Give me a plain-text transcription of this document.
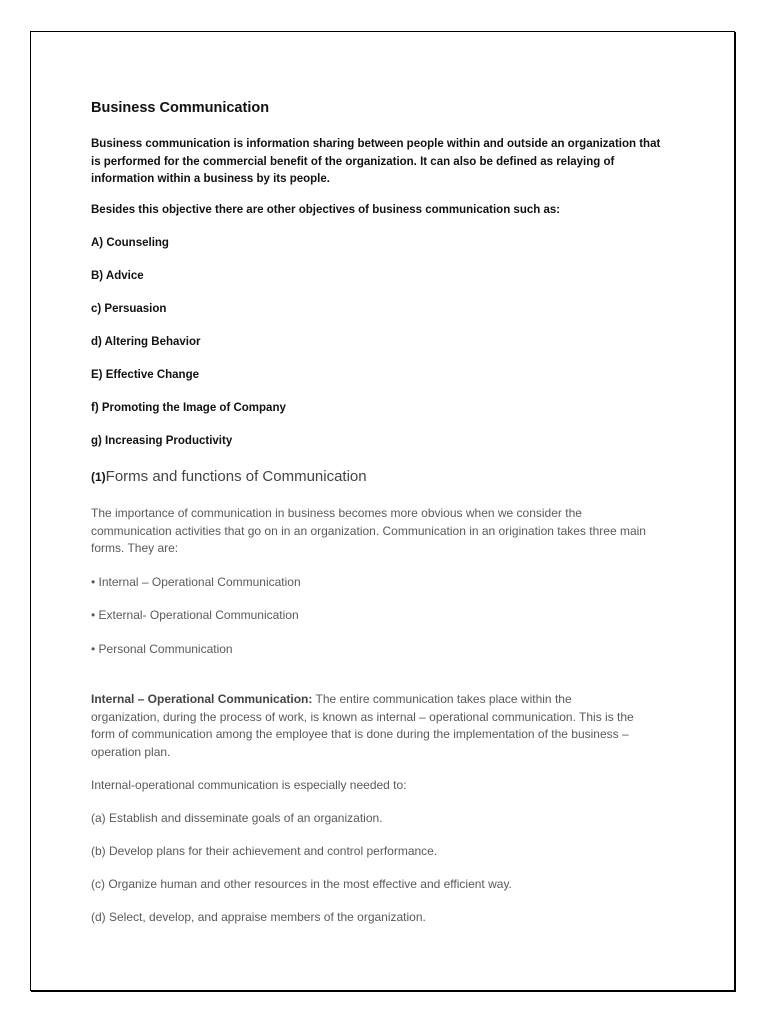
Business Communication
Business communication is information sharing between people within and outside an organization that
is performed for the commercial benefit of the organization. It can also be defined as relaying of
information within a business by its people.
Besides this objective there are other objectives of business communication such as:
A) Counseling
B) Advice
c) Persuasion
d) Altering Behavior
E) Effective Change
f) Promoting the Image of Company
g) Increasing Productivity
(1)Forms and functions of Communication
The importance of communication in business becomes more obvious when we consider the
communication activities that go on in an organization. Communication in an origination takes three main
forms. They are:
• Internal – Operational Communication
• External- Operational Communication
• Personal Communication
Internal – Operational Communication: The entire communication takes place within the
organization, during the process of work, is known as internal – operational communication. This is the
form of communication among the employee that is done during the implementation of the business –
operation plan.
Internal-operational communication is especially needed to:
(a) Establish and disseminate goals of an organization.
(b) Develop plans for their achievement and control performance.
(c) Organize human and other resources in the most effective and efficient way.
(d) Select, develop, and appraise members of the organization.
